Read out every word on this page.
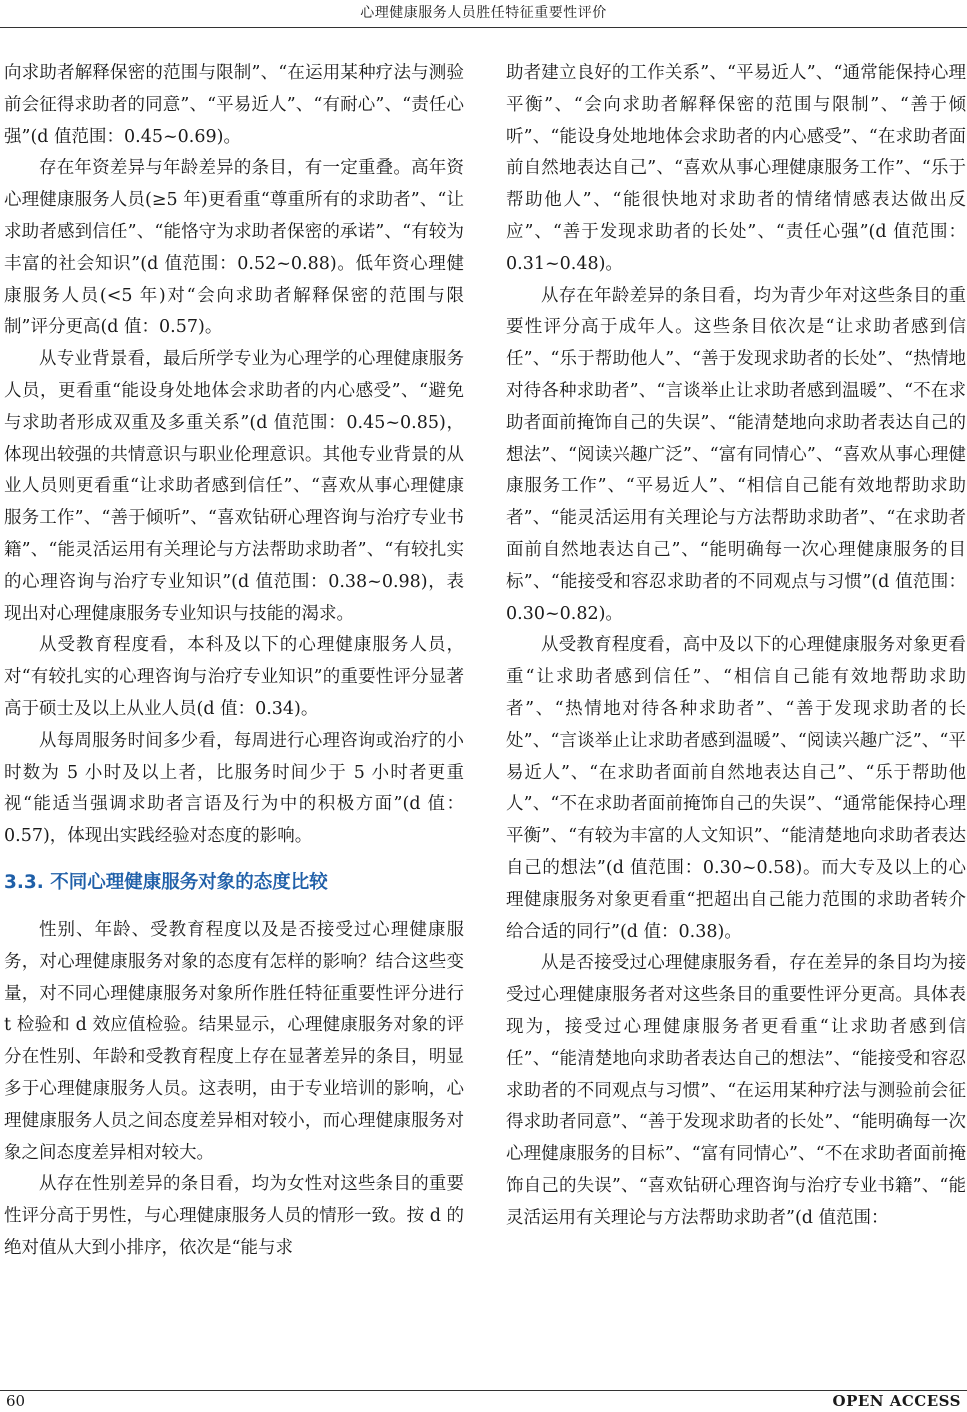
心理健康服务人员胜任特征重要性评价

向求助者解释保密的范围与限制”、“在运用某种疗法与测验前会征得求助者的同意”、“平易近人”、“有耐心”、“责任心强”(d 值范围：0.45~0.69)。

存在年资差异与年龄差异的条目，有一定重叠。高年资心理健康服务人员(≥5 年)更看重“尊重所有的求助者”、“让求助者感到信任”、“能恪守为求助者保密的承诺”、“有较为丰富的社会知识”(d 值范围：0.52~0.88)。低年资心理健康服务人员(<5 年)对“会向求助者解释保密的范围与限制”评分更高(d 值：0.57)。

从专业背景看，最后所学专业为心理学的心理健康服务人员，更看重“能设身处地体会求助者的内心感受”、“避免与求助者形成双重及多重关系”(d 值范围：0.45~0.85)，体现出较强的共情意识与职业伦理意识。其他专业背景的从业人员则更看重“让求助者感到信任”、“喜欢从事心理健康服务工作”、“善于倾听”、“喜欢钻研心理咨询与治疗专业书籍”、“能灵活运用有关理论与方法帮助求助者”、“有较扎实的心理咨询与治疗专业知识”(d 值范围：0.38~0.98)，表现出对心理健康服务专业知识与技能的渴求。

从受教育程度看，本科及以下的心理健康服务人员，对“有较扎实的心理咨询与治疗专业知识”的重要性评分显著高于硕士及以上从业人员(d 值：0.34)。

从每周服务时间多少看，每周进行心理咨询或治疗的小时数为 5 小时及以上者，比服务时间少于 5 小时者更重视“能适当强调求助者言语及行为中的积极方面”(d 值：0.57)，体现出实践经验对态度的影响。

3.3. 不同心理健康服务对象的态度比较

性别、年龄、受教育程度以及是否接受过心理健康服务，对心理健康服务对象的态度有怎样的影响？结合这些变量，对不同心理健康服务对象所作胜任特征重要性评分进行 t 检验和 d 效应值检验。结果显示，心理健康服务对象的评分在性别、年龄和受教育程度上存在显著差异的条目，明显多于心理健康服务人员。这表明，由于专业培训的影响，心理健康服务人员之间态度差异相对较小，而心理健康服务对象之间态度差异相对较大。

从存在性别差异的条目看，均为女性对这些条目的重要性评分高于男性，与心理健康服务人员的情形一致。按 d 的绝对值从大到小排序，依次是“能与求

助者建立良好的工作关系”、“平易近人”、“通常能保持心理平衡”、“会向求助者解释保密的范围与限制”、“善于倾听”、“能设身处地地体会求助者的内心感受”、“在求助者面前自然地表达自己”、“喜欢从事心理健康服务工作”、“乐于帮助他人”、“能很快地对求助者的情绪情感表达做出反应”、“善于发现求助者的长处”、“责任心强”(d 值范围：0.31~0.48)。

从存在年龄差异的条目看，均为青少年对这些条目的重要性评分高于成年人。这些条目依次是“让求助者感到信任”、“乐于帮助他人”、“善于发现求助者的长处”、“热情地对待各种求助者”、“言谈举止让求助者感到温暖”、“不在求助者面前掩饰自己的失误”、“能清楚地向求助者表达自己的想法”、“阅读兴趣广泛”、“富有同情心”、“喜欢从事心理健康服务工作”、“平易近人”、“相信自己能有效地帮助求助者”、“能灵活运用有关理论与方法帮助求助者”、“在求助者面前自然地表达自己”、“能明确每一次心理健康服务的目标”、“能接受和容忍求助者的不同观点与习惯”(d 值范围：0.30~0.82)。

从受教育程度看，高中及以下的心理健康服务对象更看重“让求助者感到信任”、“相信自己能有效地帮助求助者”、“热情地对待各种求助者”、“善于发现求助者的长处”、“言谈举止让求助者感到温暖”、“阅读兴趣广泛”、“平易近人”、“在求助者面前自然地表达自己”、“乐于帮助他人”、“不在求助者面前掩饰自己的失误”、“通常能保持心理平衡”、“有较为丰富的人文知识”、“能清楚地向求助者表达自己的想法”(d 值范围：0.30~0.58)。而大专及以上的心理健康服务对象更看重“把超出自己能力范围的求助者转介给合适的同行”(d 值：0.38)。

从是否接受过心理健康服务看，存在差异的条目均为接受过心理健康服务者对这些条目的重要性评分更高。具体表现为，接受过心理健康服务者更看重“让求助者感到信任”、“能清楚地向求助者表达自己的想法”、“能接受和容忍求助者的不同观点与习惯”、“在运用某种疗法与测验前会征得求助者同意”、“善于发现求助者的长处”、“能明确每一次心理健康服务的目标”、“富有同情心”、“不在求助者面前掩饰自己的失误”、“喜欢钻研心理咨询与治疗专业书籍”、“能灵活运用有关理论与方法帮助求助者”(d 值范围：

60	OPEN ACCESS
